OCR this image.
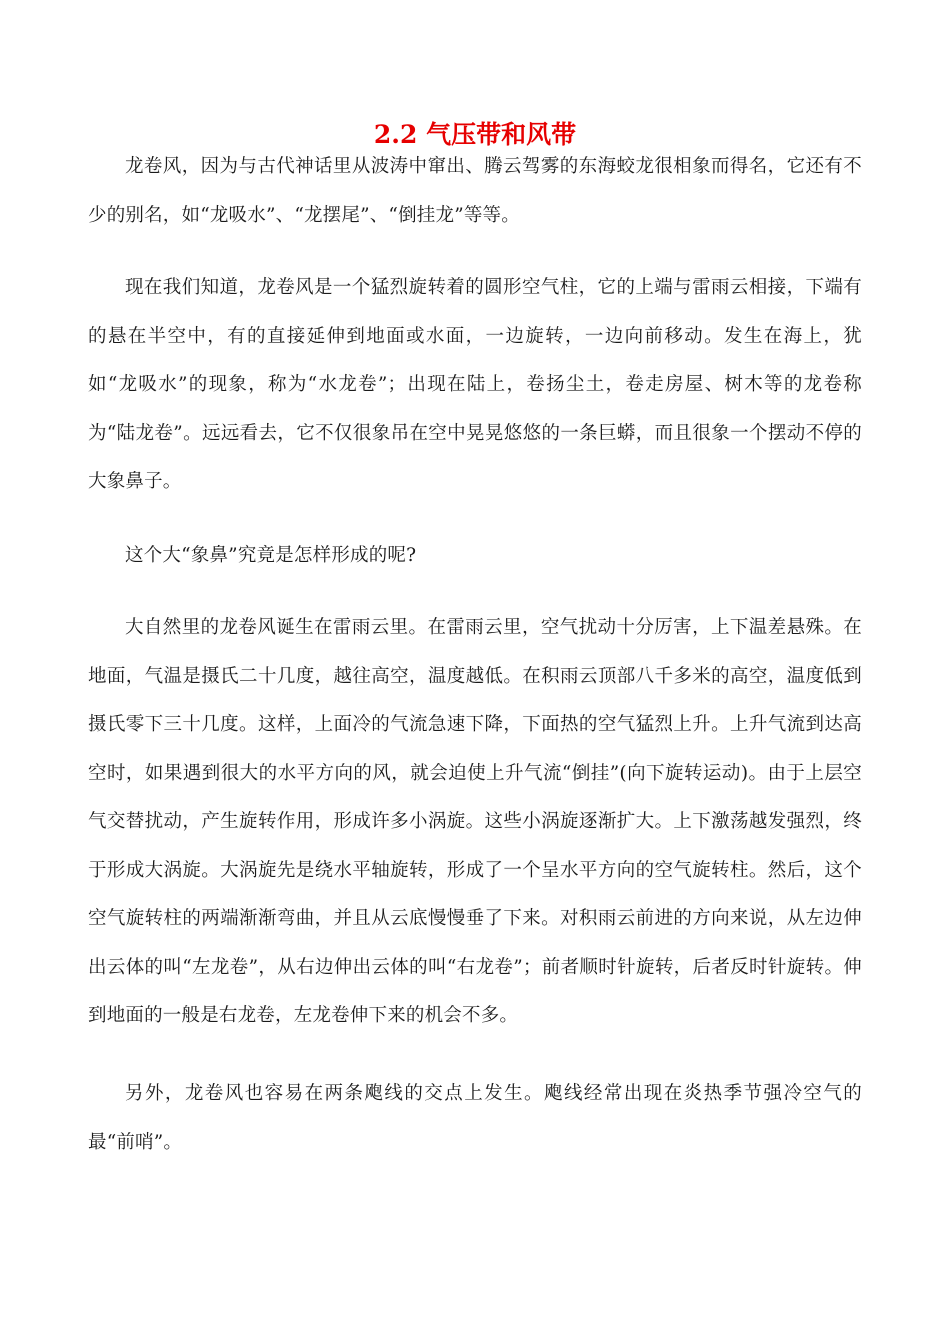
2.2 气压带和风带

龙卷风，因为与古代神话里从波涛中窜出、腾云驾雾的东海蛟龙很相象而得名，它还有不少的别名，如“龙吸水”、“龙摆尾”、“倒挂龙”等等。

现在我们知道，龙卷风是一个猛烈旋转着的圆形空气柱，它的上端与雷雨云相接，下端有的悬在半空中，有的直接延伸到地面或水面，一边旋转，一边向前移动。发生在海上，犹如“龙吸水”的现象，称为“水龙卷”；出现在陆上，卷扬尘土，卷走房屋、树木等的龙卷称为“陆龙卷”。远远看去，它不仅很象吊在空中晃晃悠悠的一条巨蟒，而且很象一个摆动不停的大象鼻子。

这个大“象鼻”究竟是怎样形成的呢?

大自然里的龙卷风诞生在雷雨云里。在雷雨云里，空气扰动十分厉害，上下温差悬殊。在地面，气温是摄氏二十几度，越往高空，温度越低。在积雨云顶部八千多米的高空，温度低到摄氏零下三十几度。这样，上面冷的气流急速下降，下面热的空气猛烈上升。上升气流到达高空时，如果遇到很大的水平方向的风，就会迫使上升气流“倒挂”(向下旋转运动)。由于上层空气交替扰动，产生旋转作用，形成许多小涡旋。这些小涡旋逐渐扩大。上下激荡越发强烈，终于形成大涡旋。大涡旋先是绕水平轴旋转，形成了一个呈水平方向的空气旋转柱。然后，这个空气旋转柱的两端渐渐弯曲，并且从云底慢慢垂了下来。对积雨云前进的方向来说，从左边伸出云体的叫“左龙卷”，从右边伸出云体的叫“右龙卷”；前者顺时针旋转，后者反时针旋转。伸到地面的一般是右龙卷，左龙卷伸下来的机会不多。

另外，龙卷风也容易在两条飑线的交点上发生。飑线经常出现在炎热季节强冷空气的最“前哨”。
